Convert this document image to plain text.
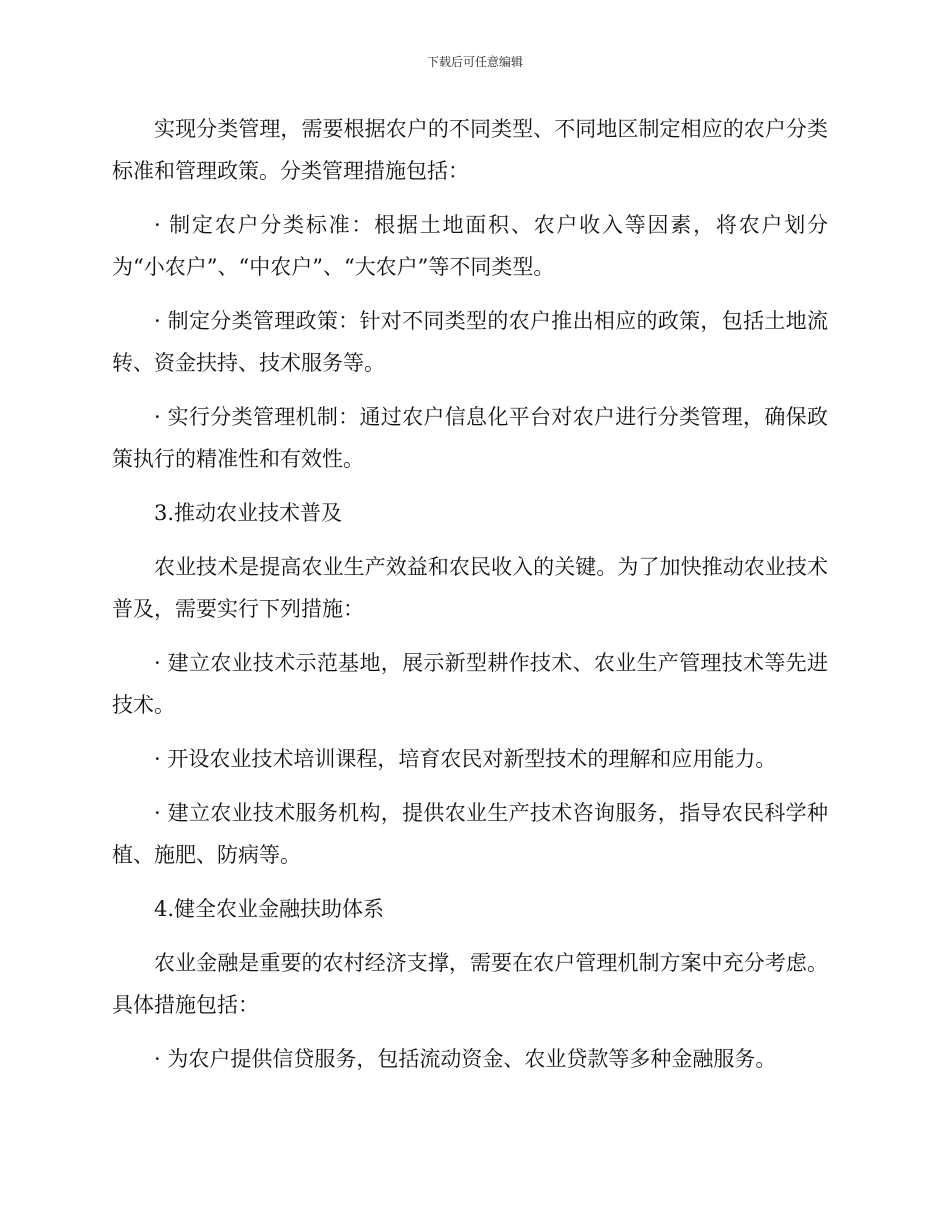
下载后可任意编辑

实现分类管理，需要根据农户的不同类型、不同地区制定相应的农户分类标准和管理政策。分类管理措施包括：

· 制定农户分类标准：根据土地面积、农户收入等因素，将农户划分为“小农户”、“中农户”、“大农户”等不同类型。

· 制定分类管理政策：针对不同类型的农户推出相应的政策，包括土地流转、资金扶持、技术服务等。

· 实行分类管理机制：通过农户信息化平台对农户进行分类管理，确保政策执行的精准性和有效性。

3.推动农业技术普及

农业技术是提高农业生产效益和农民收入的关键。为了加快推动农业技术普及，需要实行下列措施：

· 建立农业技术示范基地，展示新型耕作技术、农业生产管理技术等先进技术。

· 开设农业技术培训课程，培育农民对新型技术的理解和应用能力。

· 建立农业技术服务机构，提供农业生产技术咨询服务，指导农民科学种植、施肥、防病等。

4.健全农业金融扶助体系

农业金融是重要的农村经济支撑，需要在农户管理机制方案中充分考虑。具体措施包括：

· 为农户提供信贷服务，包括流动资金、农业贷款等多种金融服务。
